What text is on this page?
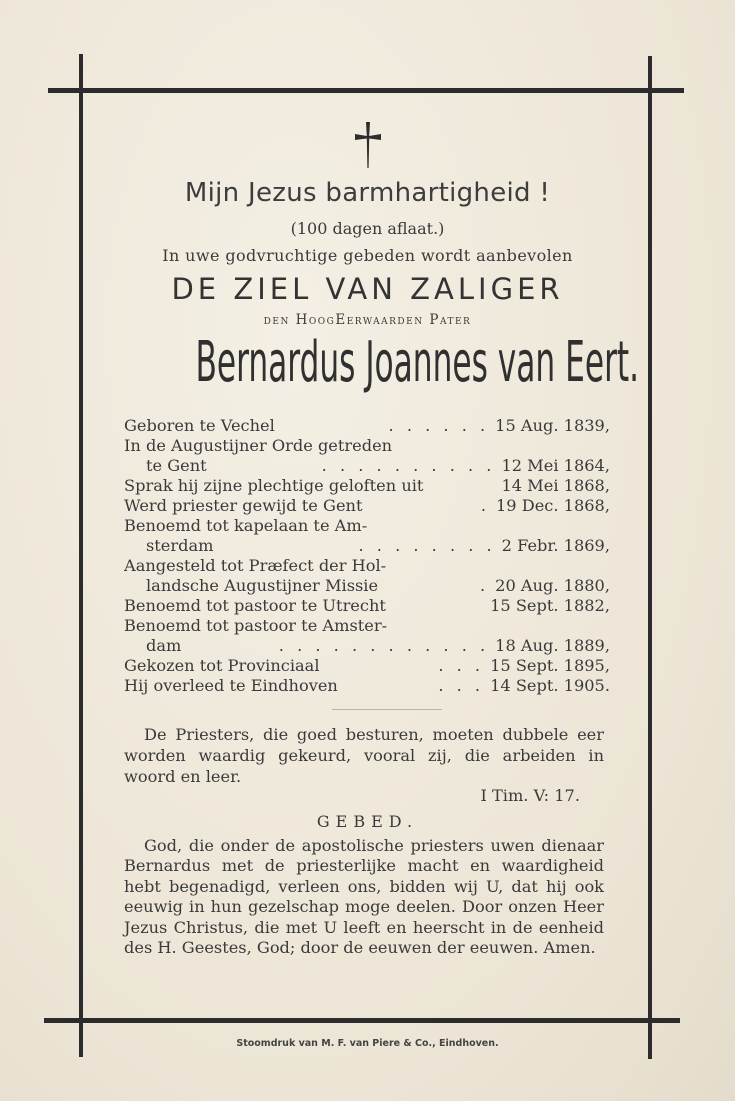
Mijn Jezus barmhartigheid !
(100 dagen aflaat.)
In uwe godvruchtige gebeden wordt aanbevolen
DE ZIEL VAN ZALIGER
den HoogEerwaarden Pater
Bernardus Joannes van Eert.
Geboren te Vechel	. . . . . . 15 Aug. 1839,
In de Augustijner Orde getreden
te Gent	. . . . . . . . . . 12 Mei 1864,
Sprak hij zijne plechtige geloften uit	14 Mei 1868,
Werd priester gewijd te Gent	. 19 Dec. 1868,
Benoemd tot kapelaan te Am-
sterdam	. . . . . . . . 2 Febr. 1869,
Aangesteld tot Præfect der Hol-
landsche Augustijner Missie	. 20 Aug. 1880,
Benoemd tot pastoor te Utrecht	15 Sept. 1882,
Benoemd tot pastoor te Amster-
dam	. . . . . . . . . . . . 18 Aug. 1889,
Gekozen tot Provinciaal	. . . 15 Sept. 1895,
Hij overleed te Eindhoven	. . . 14 Sept. 1905.
De Priesters, die goed besturen, moeten dubbele eer worden waardig gekeurd, vooral zij, die arbeiden in woord en leer.
I Tim. V: 17.
GEBED.
God, die onder de apostolische priesters uwen dienaar Bernardus met de priesterlijke macht en waardigheid hebt begenadigd, verleen ons, bidden wij U, dat hij ook eeuwig in hun gezelschap moge deelen. Door onzen Heer Jezus Christus, die met U leeft en heerscht in de eenheid des H. Geestes, God; door de eeuwen der eeuwen. Amen.
Stoomdruk van M. F. van Piere & Co., Eindhoven.
